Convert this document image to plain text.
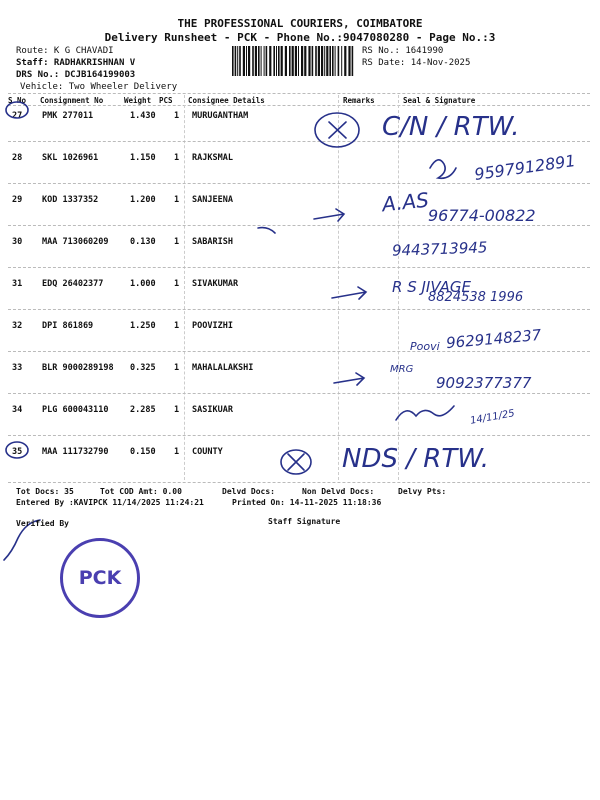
THE PROFESSIONAL COURIERS, COIMBATORE
Delivery Runsheet - PCK - Phone No.:9047080280 - Page No.:3
Route: K G CHAVADI
Staff: RADHAKRISHNAN V
DRS No.: DCJB164199003
Vehicle: Two Wheeler Delivery
RS No.: 1641990
RS Date: 14-Nov-2025
S No Consignment No	Weight PCS Consignee Details	Remarks	Seal & Signature
27 PMK 277011	1.430 1 MURUGANTHAM
28 SKL 1026961	1.150 1 RAJKSMAL
29 KOD 1337352	1.200 1 SANJEENA
30 MAA 713060209	0.130 1 SABARISH
31 EDQ 26402377	1.000 1 SIVAKUMAR
32 DPI 861869	1.250 1 POOVIZHI
33 BLR 9000289198 0.325 1 MAHALALAKSHI
34 PLG 600043110	2.285 1 SASIKUAR
35 MAA 111732790	0.150 1 COUNTY
C/N / RTW.
9597912891
A.AS
96774-00822
9443713945
R S JIVAGE
8824538 1996
Poovi 9629148237
MRG
9092377377
14/11/25
NDS / RTW.
Tot Docs: 35	Tot COD Amt: 0.00	Delvd Docs:	Non Delvd Docs:	Delvy Pts:
Entered By :KAVIPCK 11/14/2025 11:24:21	Printed On: 14-11-2025 11:18:36
Verified By	Staff Signature
PCK
